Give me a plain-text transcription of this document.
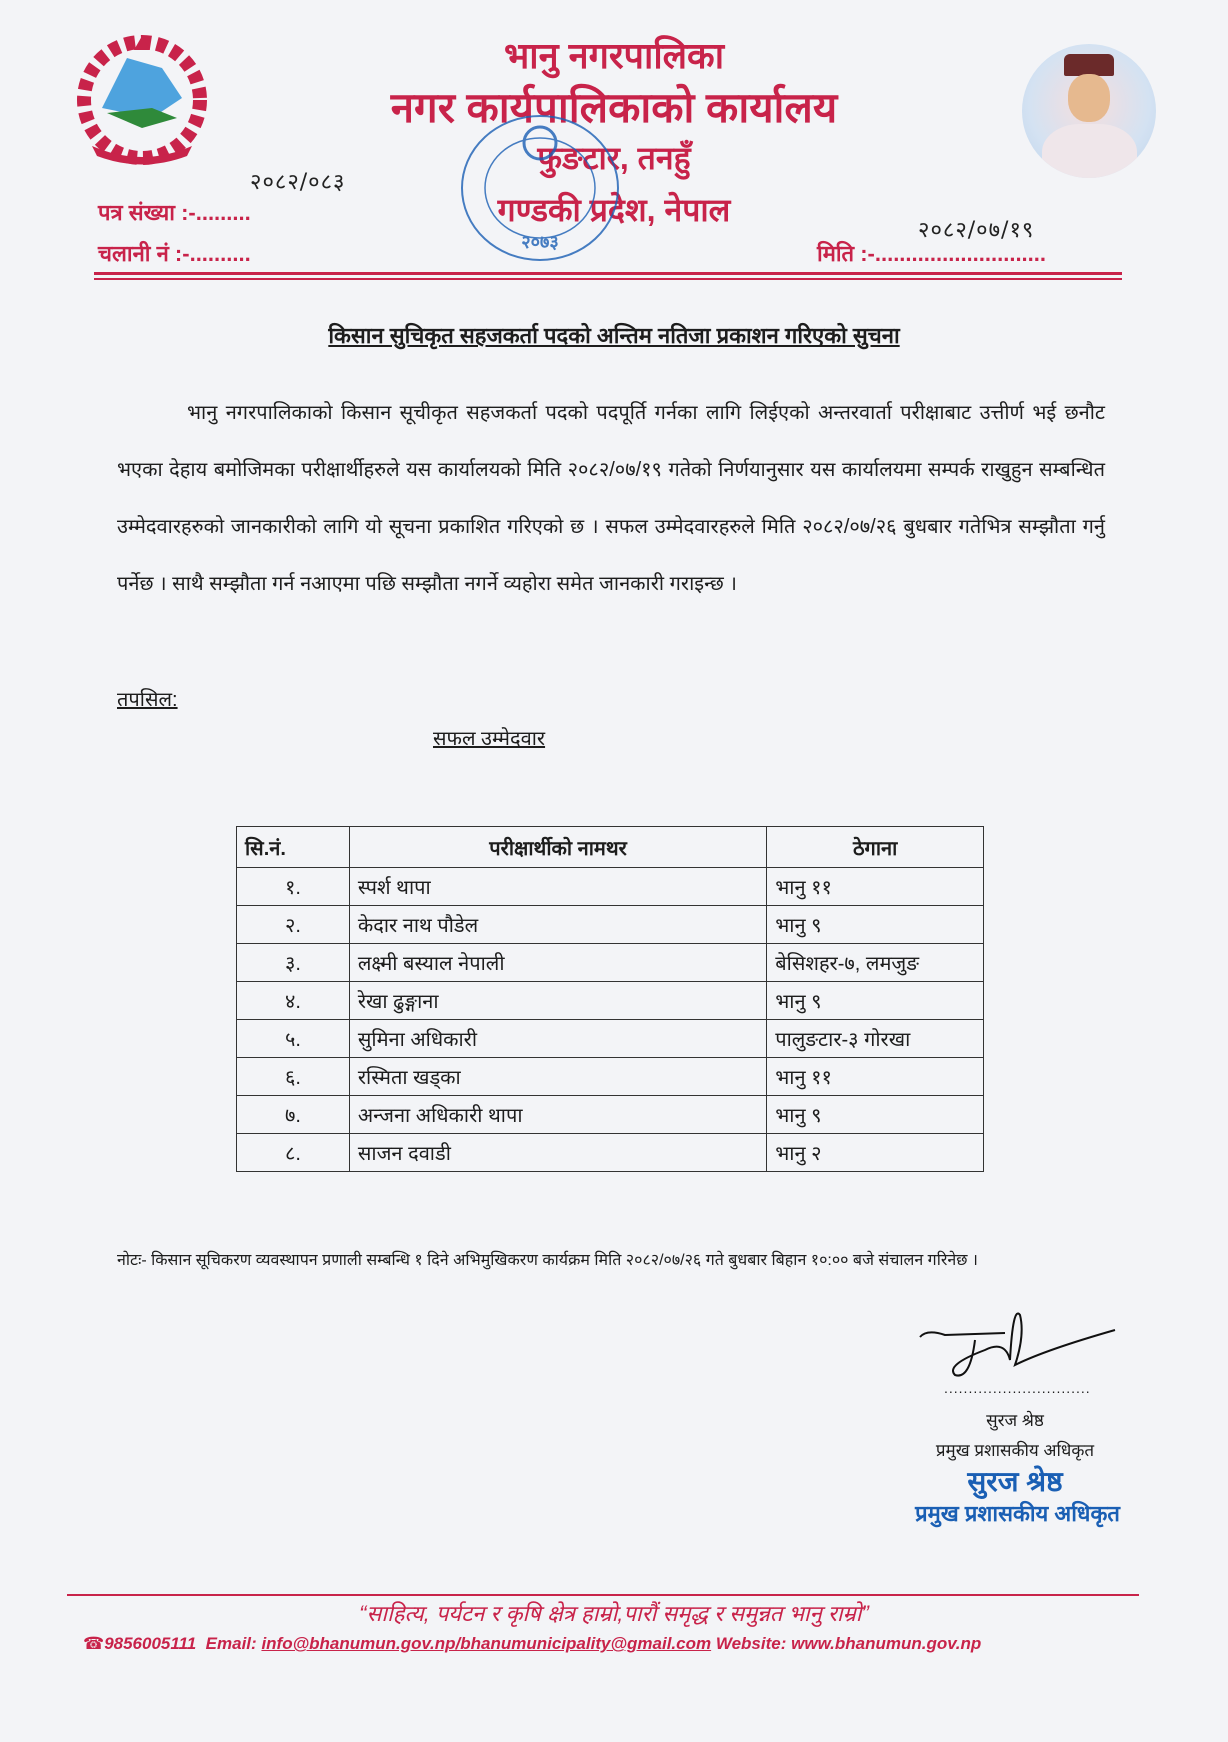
भानु नगरपालिका
नगर कार्यपालिकाको कार्यालय
फुङटार, तनहुँ
गण्डकी प्रदेश, नेपाल
२०७३
२०८२/०८३
पत्र संख्या :-.........
चलानी नं :-..........
२०८२/०७/१९
मिति :-............................
किसान सुचिकृत सहजकर्ता पदको अन्तिम नतिजा प्रकाशन गरिएको सुचना
भानु नगरपालिकाको किसान सूचीकृत सहजकर्ता पदको पदपूर्ति गर्नका लागि लिईएको अन्तरवार्ता परीक्षाबाट उत्तीर्ण भई छनौट भएका देहाय बमोजिमका परीक्षार्थीहरुले यस कार्यालयको मिति २०८२/०७/१९ गतेको निर्णयानुसार यस कार्यालयमा सम्पर्क राखुहुन सम्बन्धित उम्मेदवारहरुको जानकारीको लागि यो सूचना प्रकाशित गरिएको छ । सफल उम्मेदवारहरुले मिति २०८२/०७/२६ बुधबार गतेभित्र सम्झौता गर्नु पर्नेछ । साथै सम्झौता गर्न नआएमा पछि सम्झौता नगर्ने व्यहोरा समेत जानकारी गराइन्छ ।
तपसिल:
सफल उम्मेदवार
सि.नं.	परीक्षार्थीको नामथर	ठेगाना
१.	स्पर्श थापा	भानु ११
२.	केदार नाथ पौडेल	भानु ९
३.	लक्ष्मी बस्याल नेपाली	बेसिशहर-७, लमजुङ
४.	रेखा ढुङ्गाना	भानु ९
५.	सुमिना अधिकारी	पालुङटार-३ गोरखा
६.	रस्मिता खड्का	भानु ११
७.	अन्जना अधिकारी थापा	भानु ९
८.	साजन दवाडी	भानु २
नोटः- किसान सूचिकरण व्यवस्थापन प्रणाली सम्बन्धि १ दिने अभिमुखिकरण कार्यक्रम मिति २०८२/०७/२६ गते बुधबार बिहान १०:०० बजे संचालन गरिनेछ ।
..............................
सुरज श्रेष्ठ
प्रमुख प्रशासकीय अधिकृत
सुरज श्रेष्ठ
प्रमुख प्रशासकीय अधिकृत
“साहित्य, पर्यटन र कृषि क्षेत्र हाम्रो,पारौं समृद्ध र समुन्नत भानु राम्रो”
☎9856005111 Email: info@bhanumun.gov.np/bhanumunicipality@gmail.com Website: www.bhanumun.gov.np
